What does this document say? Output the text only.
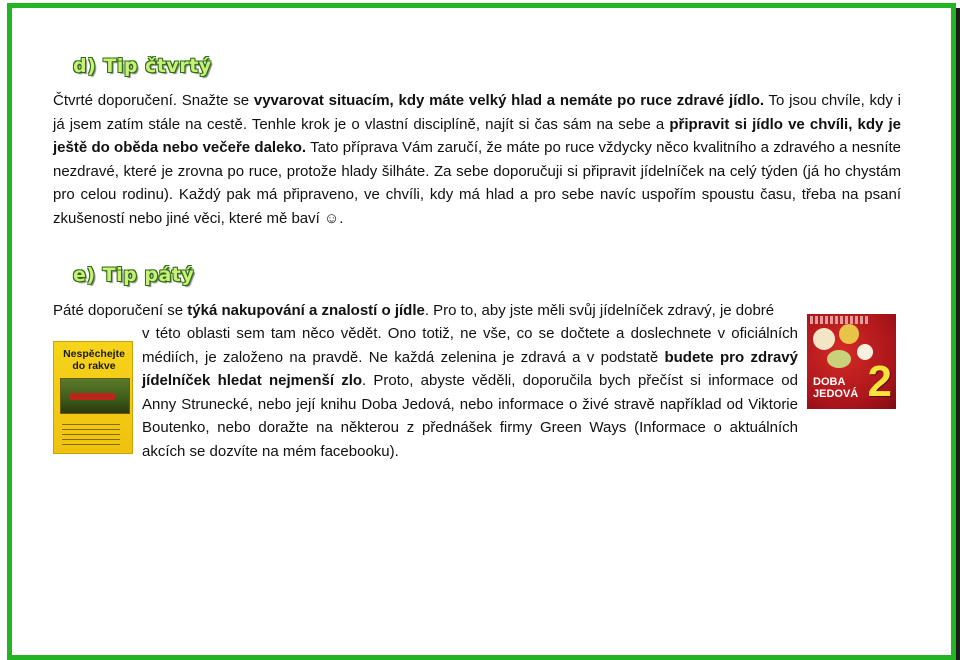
d) Tip čtvrtý

Čtvrté doporučení. Snažte se vyvarovat situacím, kdy máte velký hlad a nemáte po ruce zdravé jídlo. To jsou chvíle, kdy i já jsem zatím stále na cestě. Tenhle krok je o vlastní disciplíně, najít si čas sám na sebe a připravit si jídlo ve chvíli, kdy je ještě do oběda nebo večeře daleko. Tato příprava Vám zaručí, že máte po ruce vždycky něco kvalitního a zdravého a nesníte nezdravé, které je zrovna po ruce, protože hlady šilháte. Za sebe doporučuji si připravit jídelníček na celý týden (já ho chystám pro celou rodinu). Každý pak má připraveno, ve chvíli, kdy má hlad a pro sebe navíc uspořím spoustu času, třeba na psaní zkušeností nebo jiné věci, které mě baví ☺.

e) Tip pátý

Páté doporučení se týká nakupování a znalostí o jídle. Pro to, aby jste měli svůj jídelníček zdravý, je dobré

v této oblasti sem tam něco vědět. Ono totiž, ne vše, co se dočtete a doslechnete v oficiálních médiích, je založeno na pravdě. Ne každá zelenina je zdravá a v podstatě budete pro zdravý jídelníček hledat nejmenší zlo. Proto, abyste věděli, doporučila bych přečíst si informace od Anny Strunecké, nebo její knihu Doba Jedová, nebo informace o živé stravě například od Viktorie Boutenko, nebo doražte na některou z přednášek firmy Green Ways (Informace o aktuálních akcích se dozvíte na mém facebooku).

Nespěchejte do rakve
DOBA JEDOVÁ 2
